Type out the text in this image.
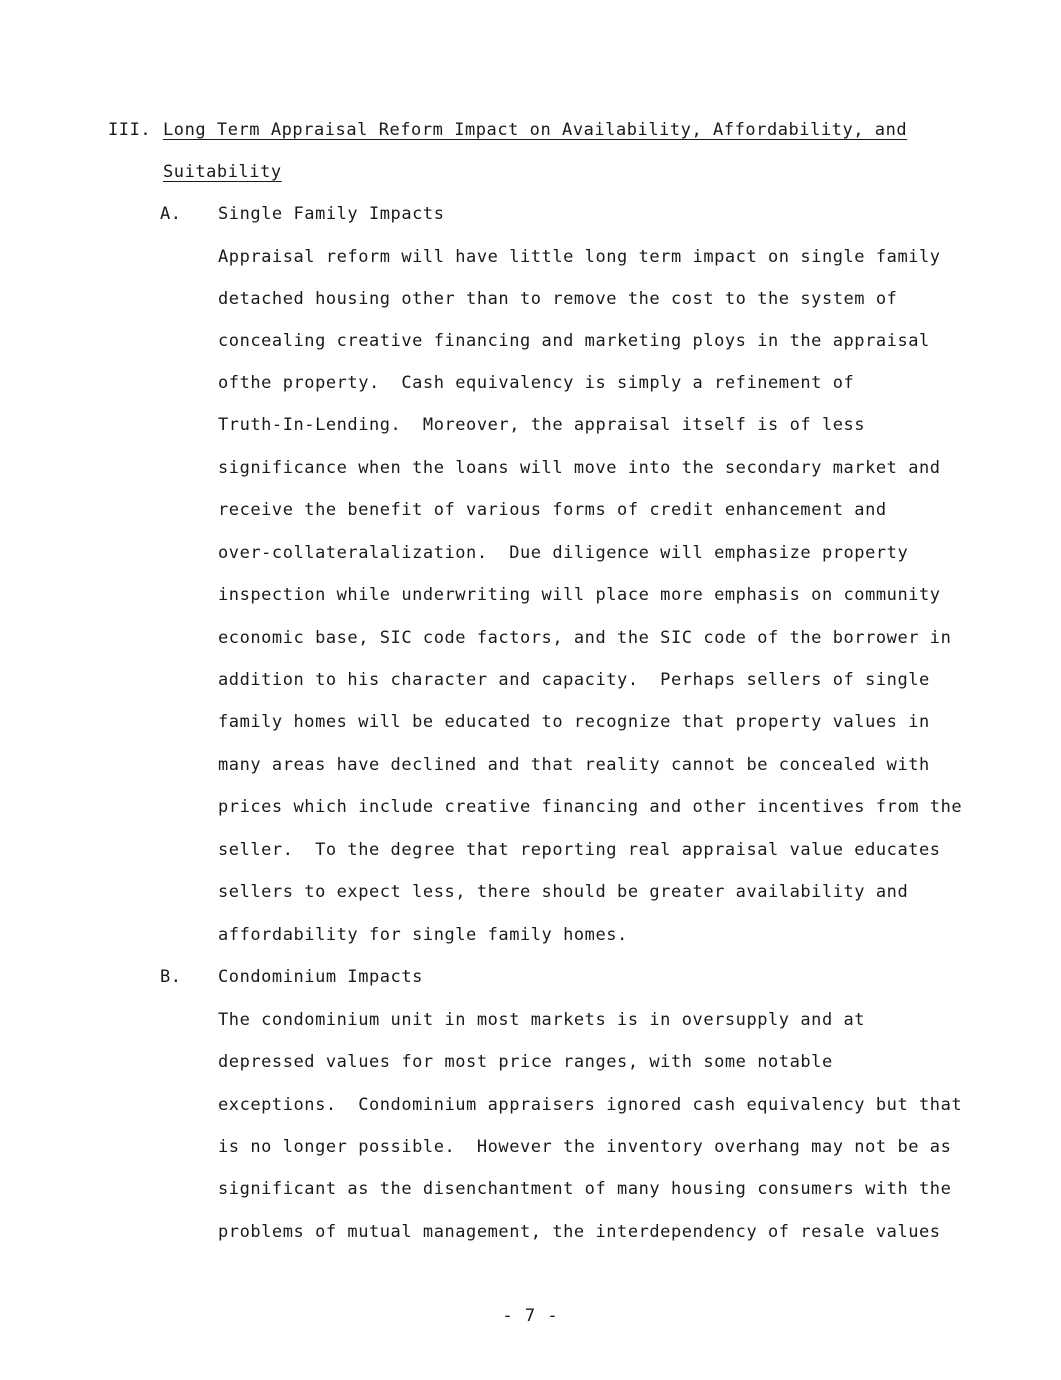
III. Long Term Appraisal Reform Impact on Availability, Affordability, and
Suitability
A. Single Family Impacts
Appraisal reform will have little long term impact on single family
detached housing other than to remove the cost to the system of
concealing creative financing and marketing ploys in the appraisal
ofthe property.  Cash equivalency is simply a refinement of
Truth-In-Lending.  Moreover, the appraisal itself is of less
significance when the loans will move into the secondary market and
receive the benefit of various forms of credit enhancement and
over-collateralalization.  Due diligence will emphasize property
inspection while underwriting will place more emphasis on community
economic base, SIC code factors, and the SIC code of the borrower in
addition to his character and capacity.  Perhaps sellers of single
family homes will be educated to recognize that property values in
many areas have declined and that reality cannot be concealed with
prices which include creative financing and other incentives from the
seller.  To the degree that reporting real appraisal value educates
sellers to expect less, there should be greater availability and
affordability for single family homes.
B. Condominium Impacts
The condominium unit in most markets is in oversupply and at
depressed values for most price ranges, with some notable
exceptions.  Condominium appraisers ignored cash equivalency but that
is no longer possible.  However the inventory overhang may not be as
significant as the disenchantment of many housing consumers with the
problems of mutual management, the interdependency of resale values
- 7 -
